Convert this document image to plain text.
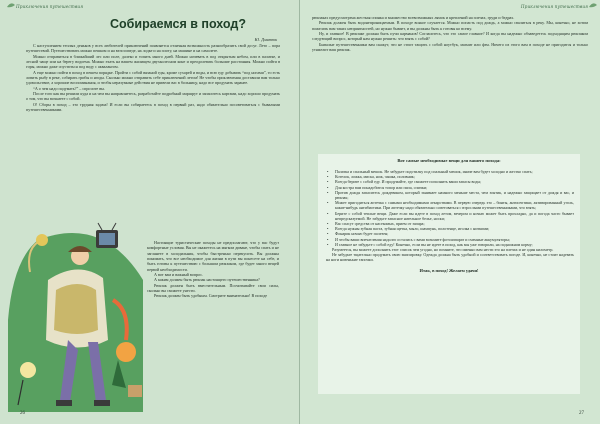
Приключения путешествия
Собираемся в поход?
Ю. Дмитюк

С наступлением теплых деньков у всех любителей приключений появляется отличная возможность разнообразить свой досуг. Лето – пора путешествий. Путешествовать можно пешком и на велосипеде, на лодке и на плоту, на машине и на самолете.

Можно отправиться в ближайший лес или поле, далеко и топить много дней. Можно ночевать в под открытым небом, или в палатке, и лесной чаще или на берегу водоема. Можно ехать на вашем жилищем двухколесном коне и преодолевать большие расстояния. Можно пойти в горы, можно даже спуститься под воду с аквалангом.

А еще можно пойти в поход в пешем порядке. Пройти с собой вязаной еды, кроме сухарей и воды, и всю еду добывать “под ногами”, то есть ловить рыбу в реке, собирать грибы и ягоды. Сколько можно отправить себе приключений летом! Не чтобы приключения доставили вам только удовольствие, а хорошие воспоминания, и чтобы неразумные действия не привели вас в больницу, надо все продумать заранее.

“А о чем надо подумать?” – спросите вы.

После того как вы решили куда и на чем вы направляетесь, разработайте подробный маршрут и запаситесь картами, надо хорошо продумать о том, что вы возьмете с собой.

О! Сборы в поход – это трудная задача! И если вы собираетесь в поход в первый раз, надо обязательно посоветоваться с бывалыми путешественниками.

Настоящие туристические походы не предполагают, что у вас будут комфортные условия. Вы не окажетесь на мягком диване, чтобы спать и не заглянете в холодильник, чтобы быстренько перекусить. Вы должны понимать, что все необходимое для жизни в пути вы понесете на себе, и быть готовы к путешествию с большим рюкзаком, где будет много вещей первой необходимости.

А вот вам и важный вопрос.

А каким должен быть рюкзак настоящего путешественника?

Рюкзак должен быть вместительным. Посчитывайте свои силы, сколько вы сможете унести.

Рюкзак должен быть удобным. Смотрите внимательно! В походе

26
Приключения путешествия

рюкзаках предусмотрена жесткая спинка и множество всевозможных лямок и креплений на плечах, груди и бедрах.

Рюкзак должен быть водонепроницаемым. В походе всякое случается. Можно попасть под дождь, а можно свалиться в реку. Мы, конечно, не хотим пожелать вам таких неприятностей, но нужно бывает, и вы должны быть к готовы ко всему.

Ну, и главное! В рюкзаке должна быть пучи карманов! Согласитесь, что это самое главное? И когда вы надежно обзаведетесь подходящим рюкзаком следующий вопрос, который нам нужно решить: что взять с собой?

Бывалые путешественники вам скажут, что не стоит тащить с собой ноутбук, магнит или фен. Ничего из этого вам в походе не пригодится и только утяжелит ваш рюкзак.

Вот самые необходимые вещи для вашего похода:
• Палатка и спальный мешок. Не забудьте подстилку под спальный мешок, иначе вам будет холодно и жестко спать;
• Котелок, ложка, миска, нож, чашка, половник;
• Всегда берите с собой еду. И продумайте, где сможете пополнить ваши запасы воды;
• Для костра вам понадобится топор или пила, спички;
• Против дождя запаситесь дождевиком, который занимает намного меньше места, чем зонтик, и надежно защищает от дождя и вас, и рюкзак;
• Может пригодиться аптечка с самыми необходимыми лекарствами. В первую очередь это – бинты, антисептики, активированный уголь, какие-нибудь антибиотики. При аптечку надо обязательно советоваться с взрослыми путешественниками, что взять;
• Берите с собой теплые вещи. Даже если вы идете в поход летом, вечером и ночью может быть прохладно, да и погода часто бывает непредсказуемой. Не забудьте запасное нательное белье, носки;
• Вас спасут средства от насекомых, прием от запара;
• Всегда нужны зубная паста, зубная щетка, мыло, шампунь, полотенце, иголка с ниткими;
• Фонарик ночью будет полезен;
• И чтобы ваши впечатления надолго остались с вами возьмите фотоаппарат и сменные аккумуляторы;
• И главное не забудьте с собой еду! Конечно, если вы не идете в поход, как мы уже говорили, на подножном корму;

Разумеется, вы можете дополнить этот список чем угодно, но помните, что именно вам нести это на плечах и не один километр.

Не забудьте тщательно продумать свою экипировку. Одежда должна быть удобной и соответствовать погоде. И, конечно, не стоит надевать на ноги новенькие тапочки.

Итак, в поход! Желаем удачи!
27
